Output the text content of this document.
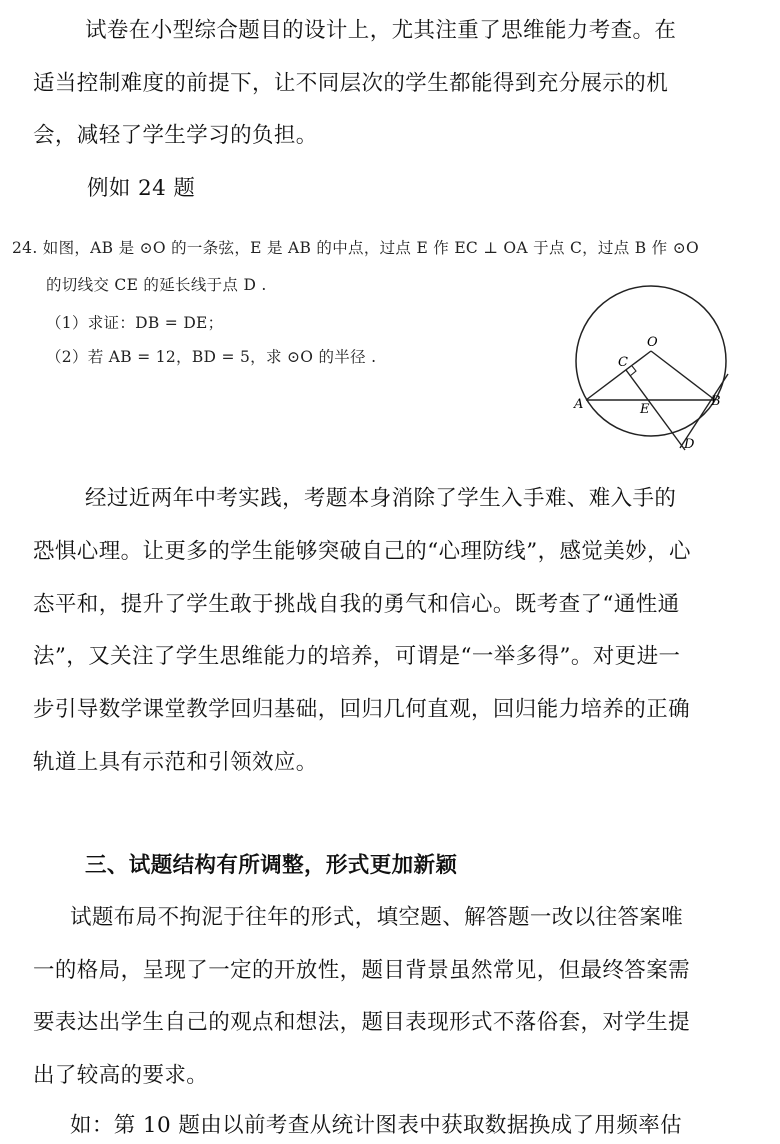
试卷在小型综合题目的设计上，尤其注重了思维能力考查。在
适当控制难度的前提下，让不同层次的学生都能得到充分展示的机
会，减轻了学生学习的负担。
例如 24 题
24. 如图，AB 是 ⊙O 的一条弦，E 是 AB 的中点，过点 E 作 EC ⊥ OA 于点 C，过点 B 作 ⊙O
的切线交 CE 的延长线于点 D .
（1）求证：DB = DE；
（2）若 AB = 12，BD = 5，求 ⊙O 的半径 .
O
C
A	E
B
D
经过近两年中考实践，考题本身消除了学生入手难、难入手的
恐惧心理。让更多的学生能够突破自己的“心理防线”，感觉美妙，心
态平和，提升了学生敢于挑战自我的勇气和信心。既考查了“通性通
法”，又关注了学生思维能力的培养，可谓是“一举多得”。对更进一
步引导数学课堂教学回归基础，回归几何直观，回归能力培养的正确
轨道上具有示范和引领效应。
三、试题结构有所调整，形式更加新颖
试题布局不拘泥于往年的形式，填空题、解答题一改以往答案唯
一的格局，呈现了一定的开放性，题目背景虽然常见，但最终答案需
要表达出学生自己的观点和想法，题目表现形式不落俗套，对学生提
出了较高的要求。
如：第 10 题由以前考查从统计图表中获取数据换成了用频率估
